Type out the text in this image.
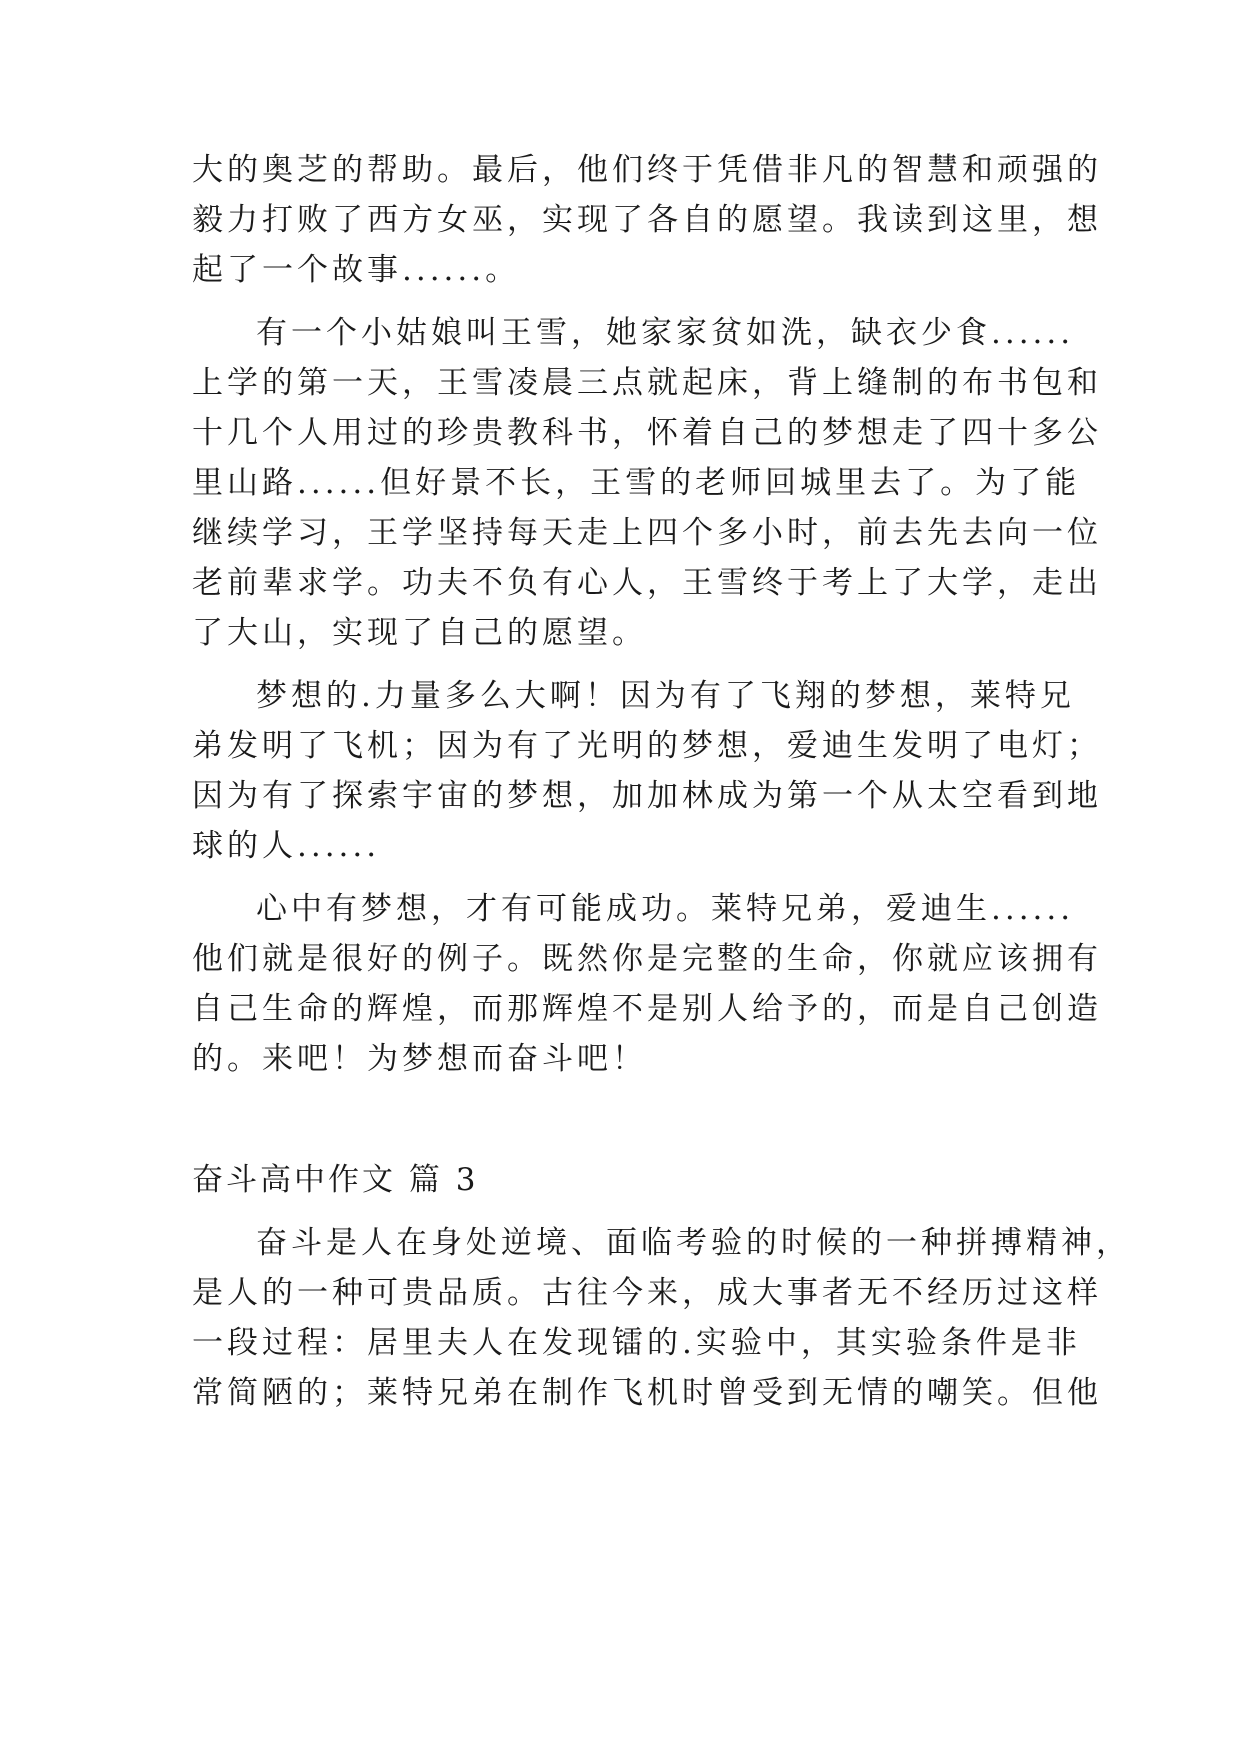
大的奥芝的帮助。最后，他们终于凭借非凡的智慧和顽强的
毅力打败了西方女巫，实现了各自的愿望。我读到这里，想
起了一个故事......。
有一个小姑娘叫王雪，她家家贫如洗，缺衣少食......
上学的第一天，王雪凌晨三点就起床，背上缝制的布书包和
十几个人用过的珍贵教科书，怀着自己的梦想走了四十多公
里山路......但好景不长，王雪的老师回城里去了。为了能
继续学习，王学坚持每天走上四个多小时，前去先去向一位
老前辈求学。功夫不负有心人，王雪终于考上了大学，走出
了大山，实现了自己的愿望。
梦想的.力量多么大啊！因为有了飞翔的梦想，莱特兄
弟发明了飞机；因为有了光明的梦想，爱迪生发明了电灯；
因为有了探索宇宙的梦想，加加林成为第一个从太空看到地
球的人......
心中有梦想，才有可能成功。莱特兄弟，爱迪生......
他们就是很好的例子。既然你是完整的生命，你就应该拥有
自己生命的辉煌，而那辉煌不是别人给予的，而是自己创造
的。来吧！为梦想而奋斗吧！
奋斗高中作文 篇 3
奋斗是人在身处逆境、面临考验的时候的一种拼搏精神，
是人的一种可贵品质。古往今来，成大事者无不经历过这样
一段过程：居里夫人在发现镭的.实验中，其实验条件是非
常简陋的；莱特兄弟在制作飞机时曾受到无情的嘲笑。但他
